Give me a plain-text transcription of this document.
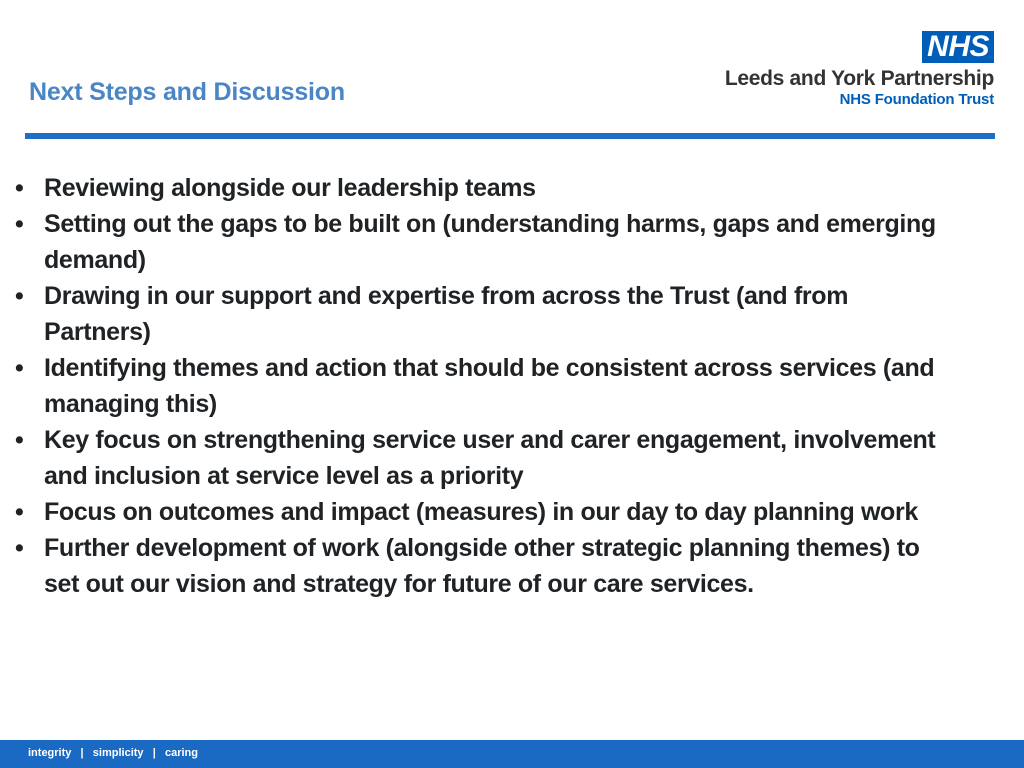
Next Steps and Discussion
NHS
Leeds and York Partnership
NHS Foundation Trust
• Reviewing alongside our leadership teams
• Setting out the gaps to be built on (understanding harms, gaps and emerging demand)
• Drawing in our support and expertise from across the Trust (and from Partners)
• Identifying themes and action that should be consistent across services (and managing this)
• Key focus on strengthening service user and carer engagement, involvement and inclusion at service level as a priority
• Focus on outcomes and impact (measures) in our day to day planning work
• Further development of work (alongside other strategic planning themes) to set out our vision and strategy for future of our care services.
integrity   |   simplicity   |   caring
